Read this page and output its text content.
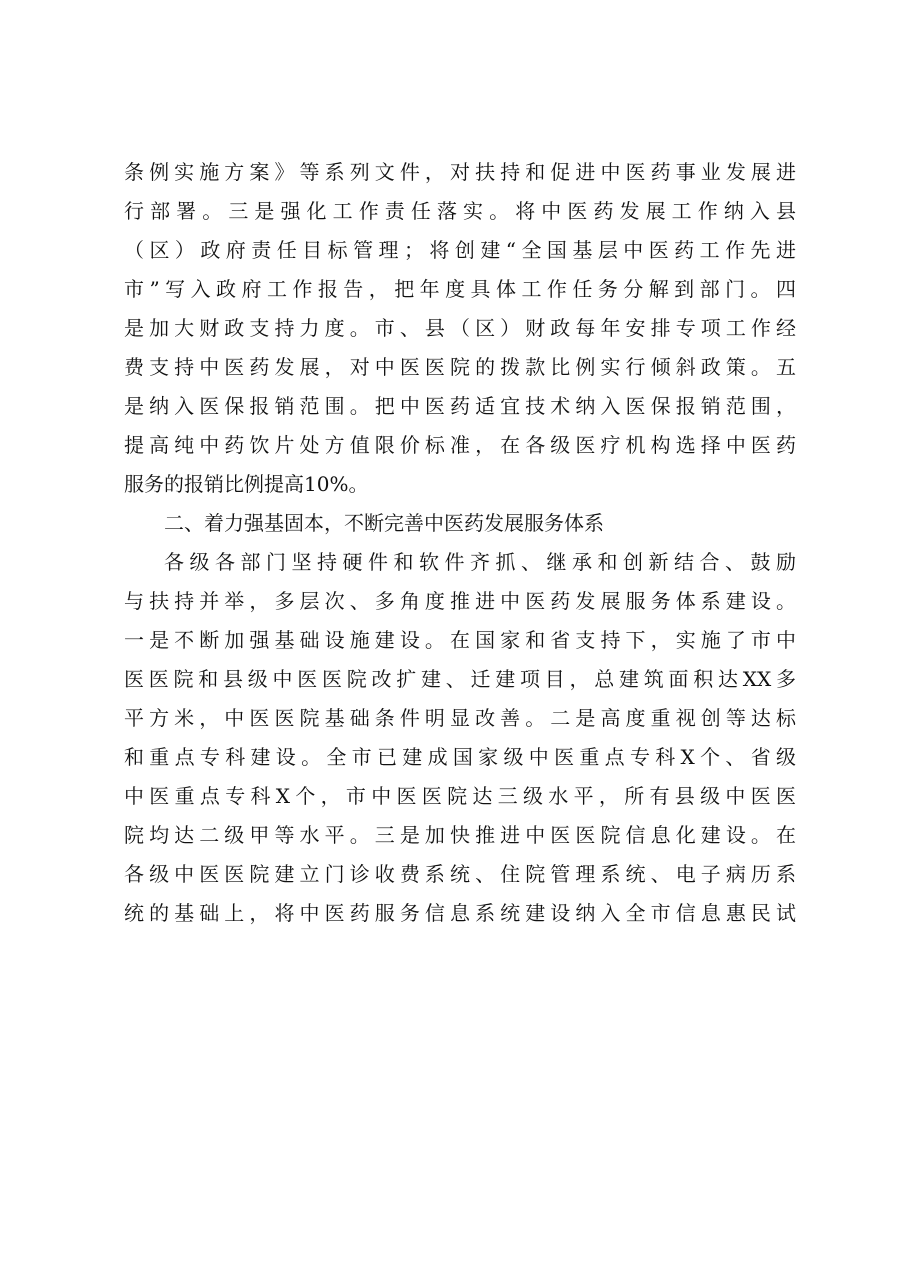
条例实施方案》等系列文件，对扶持和促进中医药事业发展进
行部署。三是强化工作责任落实。将中医药发展工作纳入县
（区）政府责任目标管理；将创建“全国基层中医药工作先进
市”写入政府工作报告，把年度具体工作任务分解到部门。四
是加大财政支持力度。市、县（区）财政每年安排专项工作经
费支持中医药发展，对中医医院的拨款比例实行倾斜政策。五
是纳入医保报销范围。把中医药适宜技术纳入医保报销范围，
提高纯中药饮片处方值限价标准，在各级医疗机构选择中医药
服务的报销比例提高10%。
二、着力强基固本，不断完善中医药发展服务体系
各级各部门坚持硬件和软件齐抓、继承和创新结合、鼓励
与扶持并举，多层次、多角度推进中医药发展服务体系建设。
一是不断加强基础设施建设。在国家和省支持下，实施了市中
医医院和县级中医医院改扩建、迁建项目，总建筑面积达XX多
平方米，中医医院基础条件明显改善。二是高度重视创等达标
和重点专科建设。全市已建成国家级中医重点专科X个、省级
中医重点专科X个，市中医医院达三级水平，所有县级中医医
院均达二级甲等水平。三是加快推进中医医院信息化建设。在
各级中医医院建立门诊收费系统、住院管理系统、电子病历系
统的基础上，将中医药服务信息系统建设纳入全市信息惠民试
